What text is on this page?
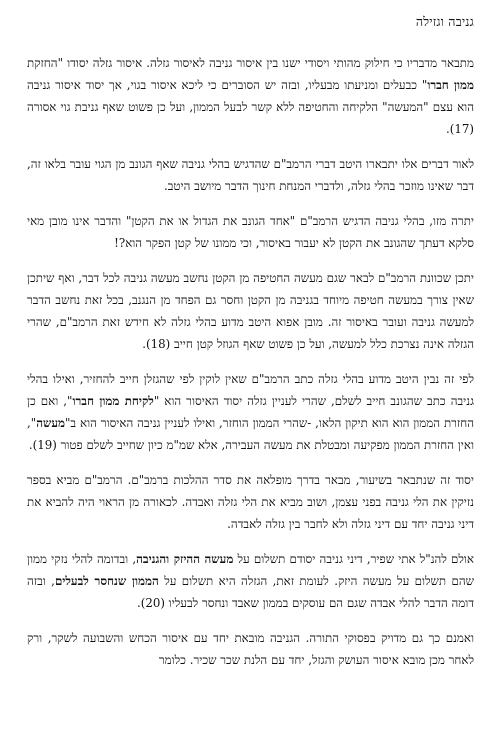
גניבה וגזילה

מתבאר מדבריו כי חילוק מהותי ויסודי ישנו בין איסור גניבה לאיסור גזלה. איסור גזלה יסודו "החזקת ממון חברו" כבעלים ומניעתו מבעליו, ובזה יש הסוברים כי ליכא איסור בגוי, אך יסוד איסור גניבה הוא עצם "המעשה" הלקיחה והחטיפה ללא קשר לבעל הממון, ועל כן פשוט שאף גניבת גוי אסורה (17).

לאור דברים אלו יתבארו היטב דברי הרמב"ם שהדגיש בהלי גניבה שאף הגונב מן הגוי עובר בלאו זה, דבר שאינו מוזכר בהלי גזלה, ולדברי המנחת חינוך הדבר מיושב היטב.

יתרה מזו, בהלי גניבה הדגיש הרמב"ם "אחד הגונב את הגדול או את הקטן" והדבר אינו מובן מאי סלקא דעתך שהגונב את הקטן לא יעבור באיסור, וכי ממונו של קטן הפקר הוא?!

יתכן שכוונת הרמב"ם לבאר שגם מעשה החטיפה מן הקטן נחשב מעשה גניבה לכל דבר, ואף שיתכן שאין צורך במעשה חטיפה מיוחד בגניבה מן הקטן וחסר גם הפחד מן הנגנב, בכל זאת נחשב הדבר למעשה גניבה ועובר באיסור זה. מובן אפוא היטב מדוע בהלי גזלה לא חידש זאת הרמב"ם, שהרי הגזלה אינה נצרכת כלל למעשה, ועל כן פשוט שאף הגוזל קטן חייב (18).

לפי זה נבין היטב מדוע בהלי גזלה כתב הרמב"ם שאין לוקין לפי שהגזלן חייב להחזיר, ואילו בהלי גניבה כתב שהגונב חייב לשלם, שהרי לעניין גזלה יסוד האיסור הוא "לקיחת ממון חברו", ואם כן החזרת הממון הוא הוא תיקון הלאו, -שהרי הממון הוחזר, ואילו לעניין גניבה האיסור הוא ב"מעשה", ואין החזרת הממון מפקיעה ומבטלת את מעשה העבירה, אלא שמ"מ כיון שחייב לשלם פטור (19).

יסוד זה שנתבאר בשיעור, מבאר בדרך מופלאה את סדר ההלכות ברמב"ם. הרמב"ם מביא בספר נזיקין את הלי גניבה בפני עצמן, ושוב מביא את הלי גזלה ואבדה. לכאורה מן הראוי היה להביא את דיני גניבה יחד עם דיני גזלה ולא לחבר בין גזלה לאבדה.

אולם להנ"ל אתי שפיר, דיני גניבה יסודם תשלום על מעשה ההיזק והגניבה, ובדומה להלי נזקי ממון שהם תשלום על מעשה היזק. לעומת זאת, הגזלה היא תשלום על הממון שנחסר לבעלים, ובזה דומה הדבר להלי אבדה שגם הם עוסקים בממון שאבד ונחסר לבעליו (20).

ואמנם כך גם מדויק בפסוקי התורה. הגניבה מובאת יחד עם איסור הכחש והשבועה לשקר, ורק לאחר מכן מובא איסור העושק והגזל, יחד עם הלנת שכר שכיר. כלומר
